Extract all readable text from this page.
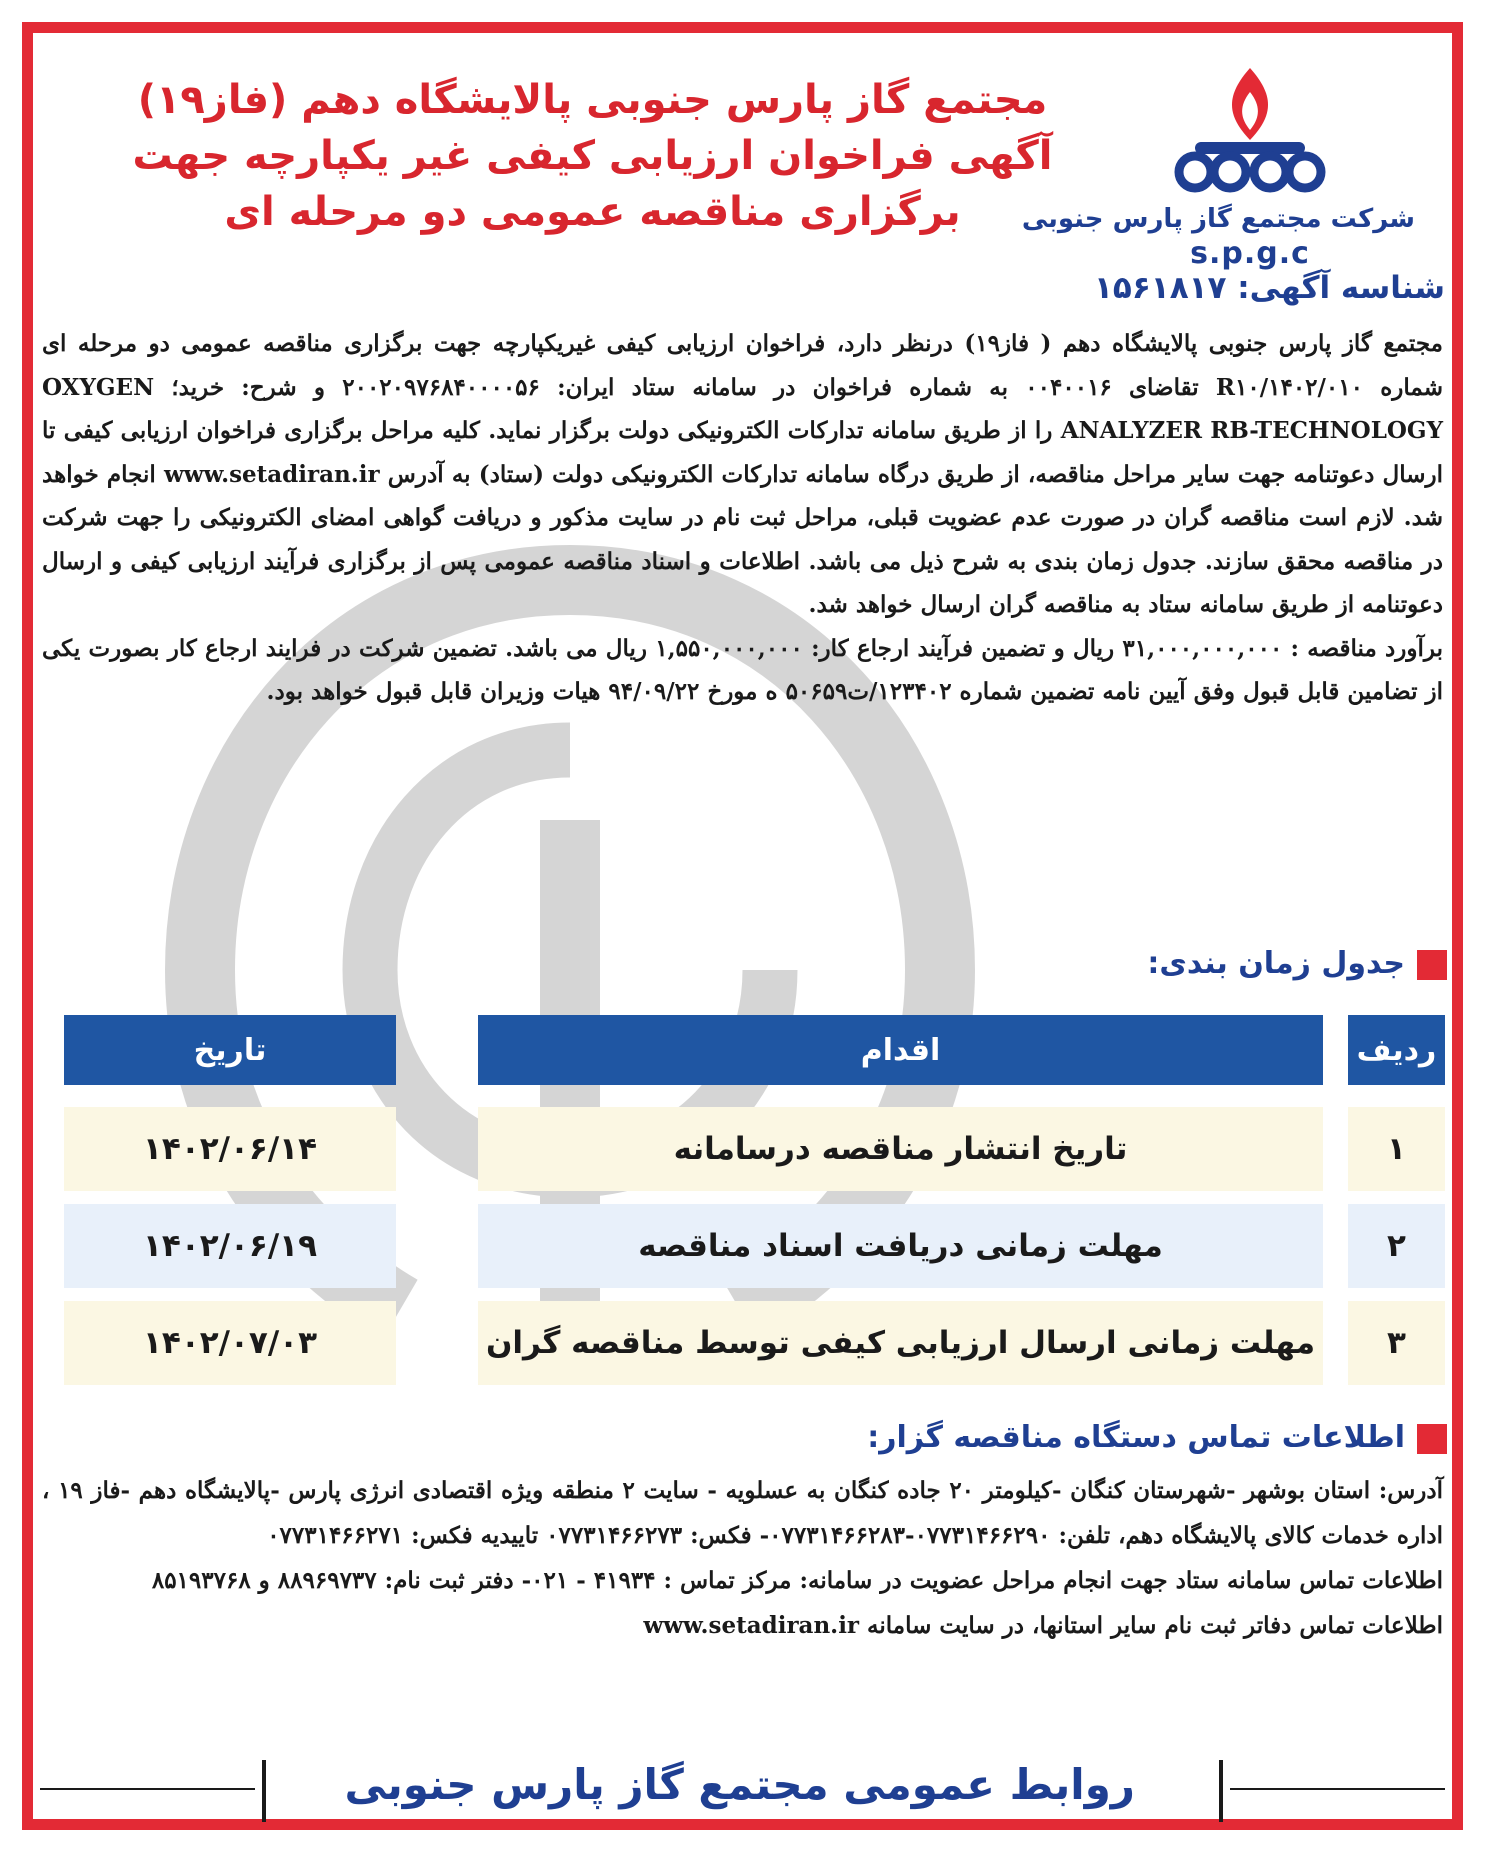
شرکت مجتمع گاز پارس جنوبی
s.p.g.c
مجتمع گاز پارس جنوبی پالایشگاه دهم (فاز۱۹)
آگهی فراخوان ارزیابی کیفی غیر یکپارچه جهت
برگزاری مناقصه عمومی دو مرحله ای
شناسه آگهی: ۱۵۶۱۸۱۷

مجتمع گاز پارس جنوبی پالایشگاه دهم ( فاز۱۹) درنظر دارد، فراخوان ارزیابی کیفی غیریکپارچه جهت برگزاری مناقصه عمومی دو مرحله ای شماره R۱۰/۱۴۰۲/۰۱۰ تقاضای ۰۰۴۰۰۱۶ به شماره فراخوان در سامانه ستاد ایران: ۲۰۰۲۰۹۷۶۸۴۰۰۰۰۵۶ و شرح: خرید؛ OXYGEN ANALYZER RB-TECHNOLOGY را از طریق سامانه تدارکات الکترونیکی دولت برگزار نماید. کلیه مراحل برگزاری فراخوان ارزیابی کیفی تا ارسال دعوتنامه جهت سایر مراحل مناقصه، از طریق درگاه سامانه تدارکات الکترونیکی دولت (ستاد) به آدرس www.setadiran.ir انجام خواهد شد. لازم است مناقصه گران در صورت عدم عضویت قبلی، مراحل ثبت نام در سایت مذکور و دریافت گواهی امضای الکترونیکی را جهت شرکت در مناقصه محقق سازند. جدول زمان بندی به شرح ذیل می باشد. اطلاعات و اسناد مناقصه عمومی پس از برگزاری فرآیند ارزیابی کیفی و ارسال دعوتنامه از طریق سامانه ستاد به مناقصه گران ارسال خواهد شد.

برآورد مناقصه : ۳۱,۰۰۰,۰۰۰,۰۰۰ ریال و تضمین فرآیند ارجاع کار: ۱,۵۵۰,۰۰۰,۰۰۰ ریال می باشد. تضمین شرکت در فرایند ارجاع کار بصورت یکی از تضامین قابل قبول وفق آیین نامه تضمین شماره ۱۲۳۴۰۲/ت۵۰۶۵۹ ه مورخ ۹۴/۰۹/۲۲ هیات وزیران قابل قبول خواهد بود.

جدول زمان بندی:
ردیف
اقدام
تاریخ
۱
تاریخ انتشار مناقصه درسامانه
۱۴۰۲/۰۶/۱۴
۲
مهلت زمانی دریافت اسناد مناقصه
۱۴۰۲/۰۶/۱۹
۳
مهلت زمانی ارسال ارزیابی کیفی توسط مناقصه گران
۱۴۰۲/۰۷/۰۳
اطلاعات تماس دستگاه مناقصه گزار:

آدرس: استان بوشهر -شهرستان کنگان -کیلومتر ۲۰ جاده کنگان به عسلویه - سایت ۲ منطقه ویژه اقتصادی انرژی پارس -پالایشگاه دهم -فاز ۱۹ ، اداره خدمات کالای پالایشگاه دهم، تلفن: ۰۷۷۳۱۴۶۶۲۹۰-۰۷۷۳۱۴۶۶۲۸۳- فکس: ۰۷۷۳۱۴۶۶۲۷۳ تاییدیه فکس: ۰۷۷۳۱۴۶۶۲۷۱

اطلاعات تماس سامانه ستاد جهت انجام مراحل عضویت در سامانه: مرکز تماس : ۴۱۹۳۴ - ۰۲۱- دفتر ثبت نام: ۸۸۹۶۹۷۳۷ و ۸۵۱۹۳۷۶۸

اطلاعات تماس دفاتر ثبت نام سایر استانها، در سایت سامانه www.setadiran.ir

روابط عمومی مجتمع گاز پارس جنوبی
